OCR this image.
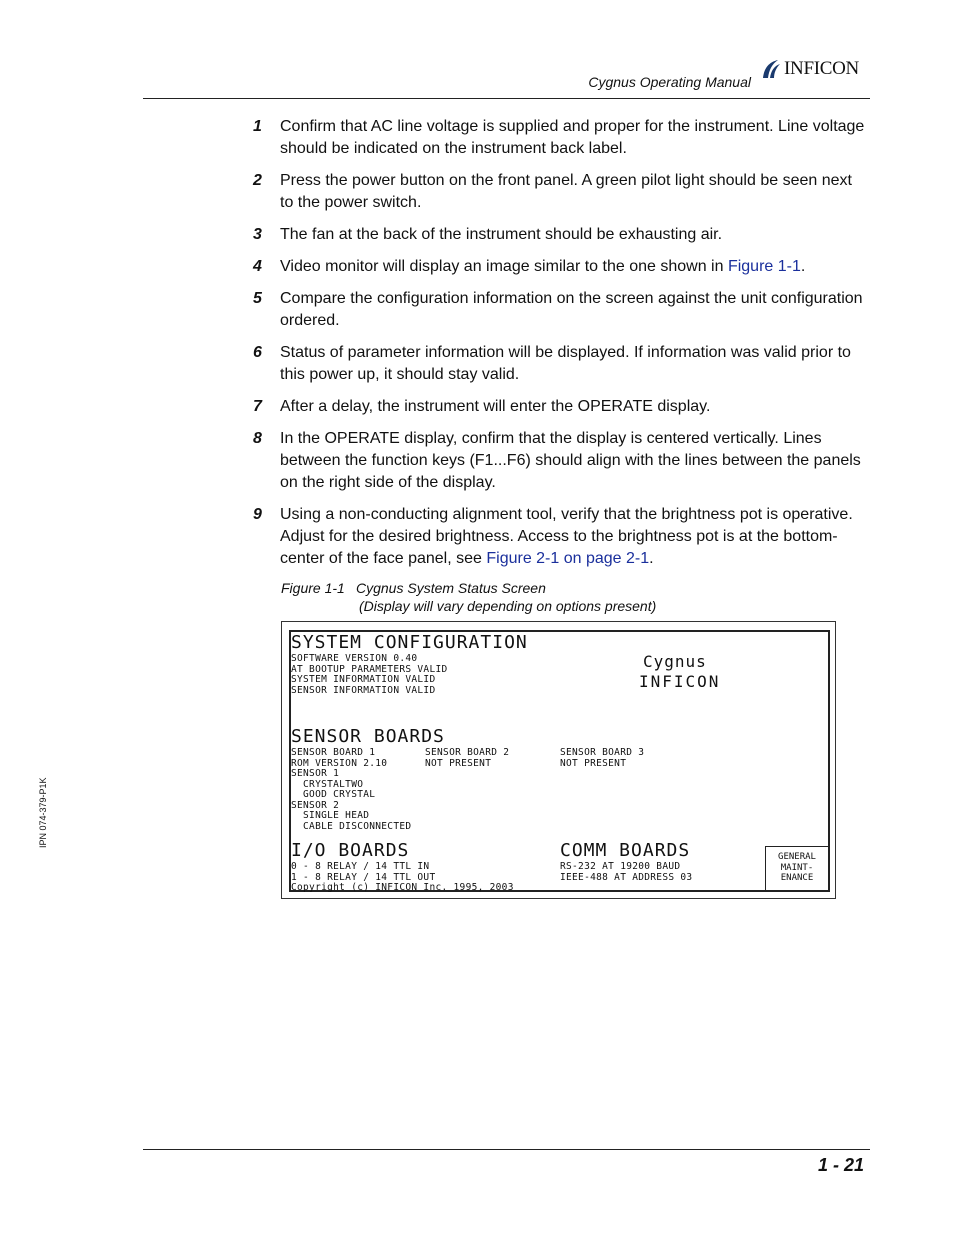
Cygnus Operating Manual
INFICON
IPN 074-379-P1K
1	Confirm that AC line voltage is supplied and proper for the instrument. Line voltage should be indicated on the instrument back label.
2	Press the power button on the front panel. A green pilot light should be seen next to the power switch.
3	The fan at the back of the instrument should be exhausting air.
4	Video monitor will display an image similar to the one shown in Figure 1-1.
5	Compare the configuration information on the screen against the unit configuration ordered.
6	Status of parameter information will be displayed. If information was valid prior to this power up, it should stay valid.
7	After a delay, the instrument will enter the OPERATE display.
8	In the OPERATE display, confirm that the display is centered vertically. Lines between the function keys (F1...F6) should align with the lines between the panels on the right side of the display.
9	Using a non-conducting alignment tool, verify that the brightness pot is operative. Adjust for the desired brightness. Access to the brightness pot is at the bottom-center of the face panel, see Figure 2-1 on page 2-1.
Figure 1-1 Cygnus System Status Screen
(Display will vary depending on options present)
SYSTEM CONFIGURATION
SOFTWARE VERSION 0.40
AT BOOTUP PARAMETERS VALID
SYSTEM INFORMATION VALID
SENSOR INFORMATION VALID
Cygnus
INFICON
SENSOR BOARDS
SENSOR BOARD 1
ROM VERSION 2.10
SENSOR 1
CRYSTALTWO
GOOD CRYSTAL
SENSOR 2
SINGLE HEAD
CABLE DISCONNECTED
SENSOR BOARD 2
NOT PRESENT
SENSOR BOARD 3
NOT PRESENT
I/O BOARDS
0 - 8 RELAY / 14 TTL IN
1 - 8 RELAY / 14 TTL OUT
Copyright (c) INFICON Inc. 1995, 2003
COMM BOARDS
RS-232 AT 19200 BAUD
IEEE-488 AT ADDRESS 03
GENERAL
MAINT-
ENANCE
1 - 21
